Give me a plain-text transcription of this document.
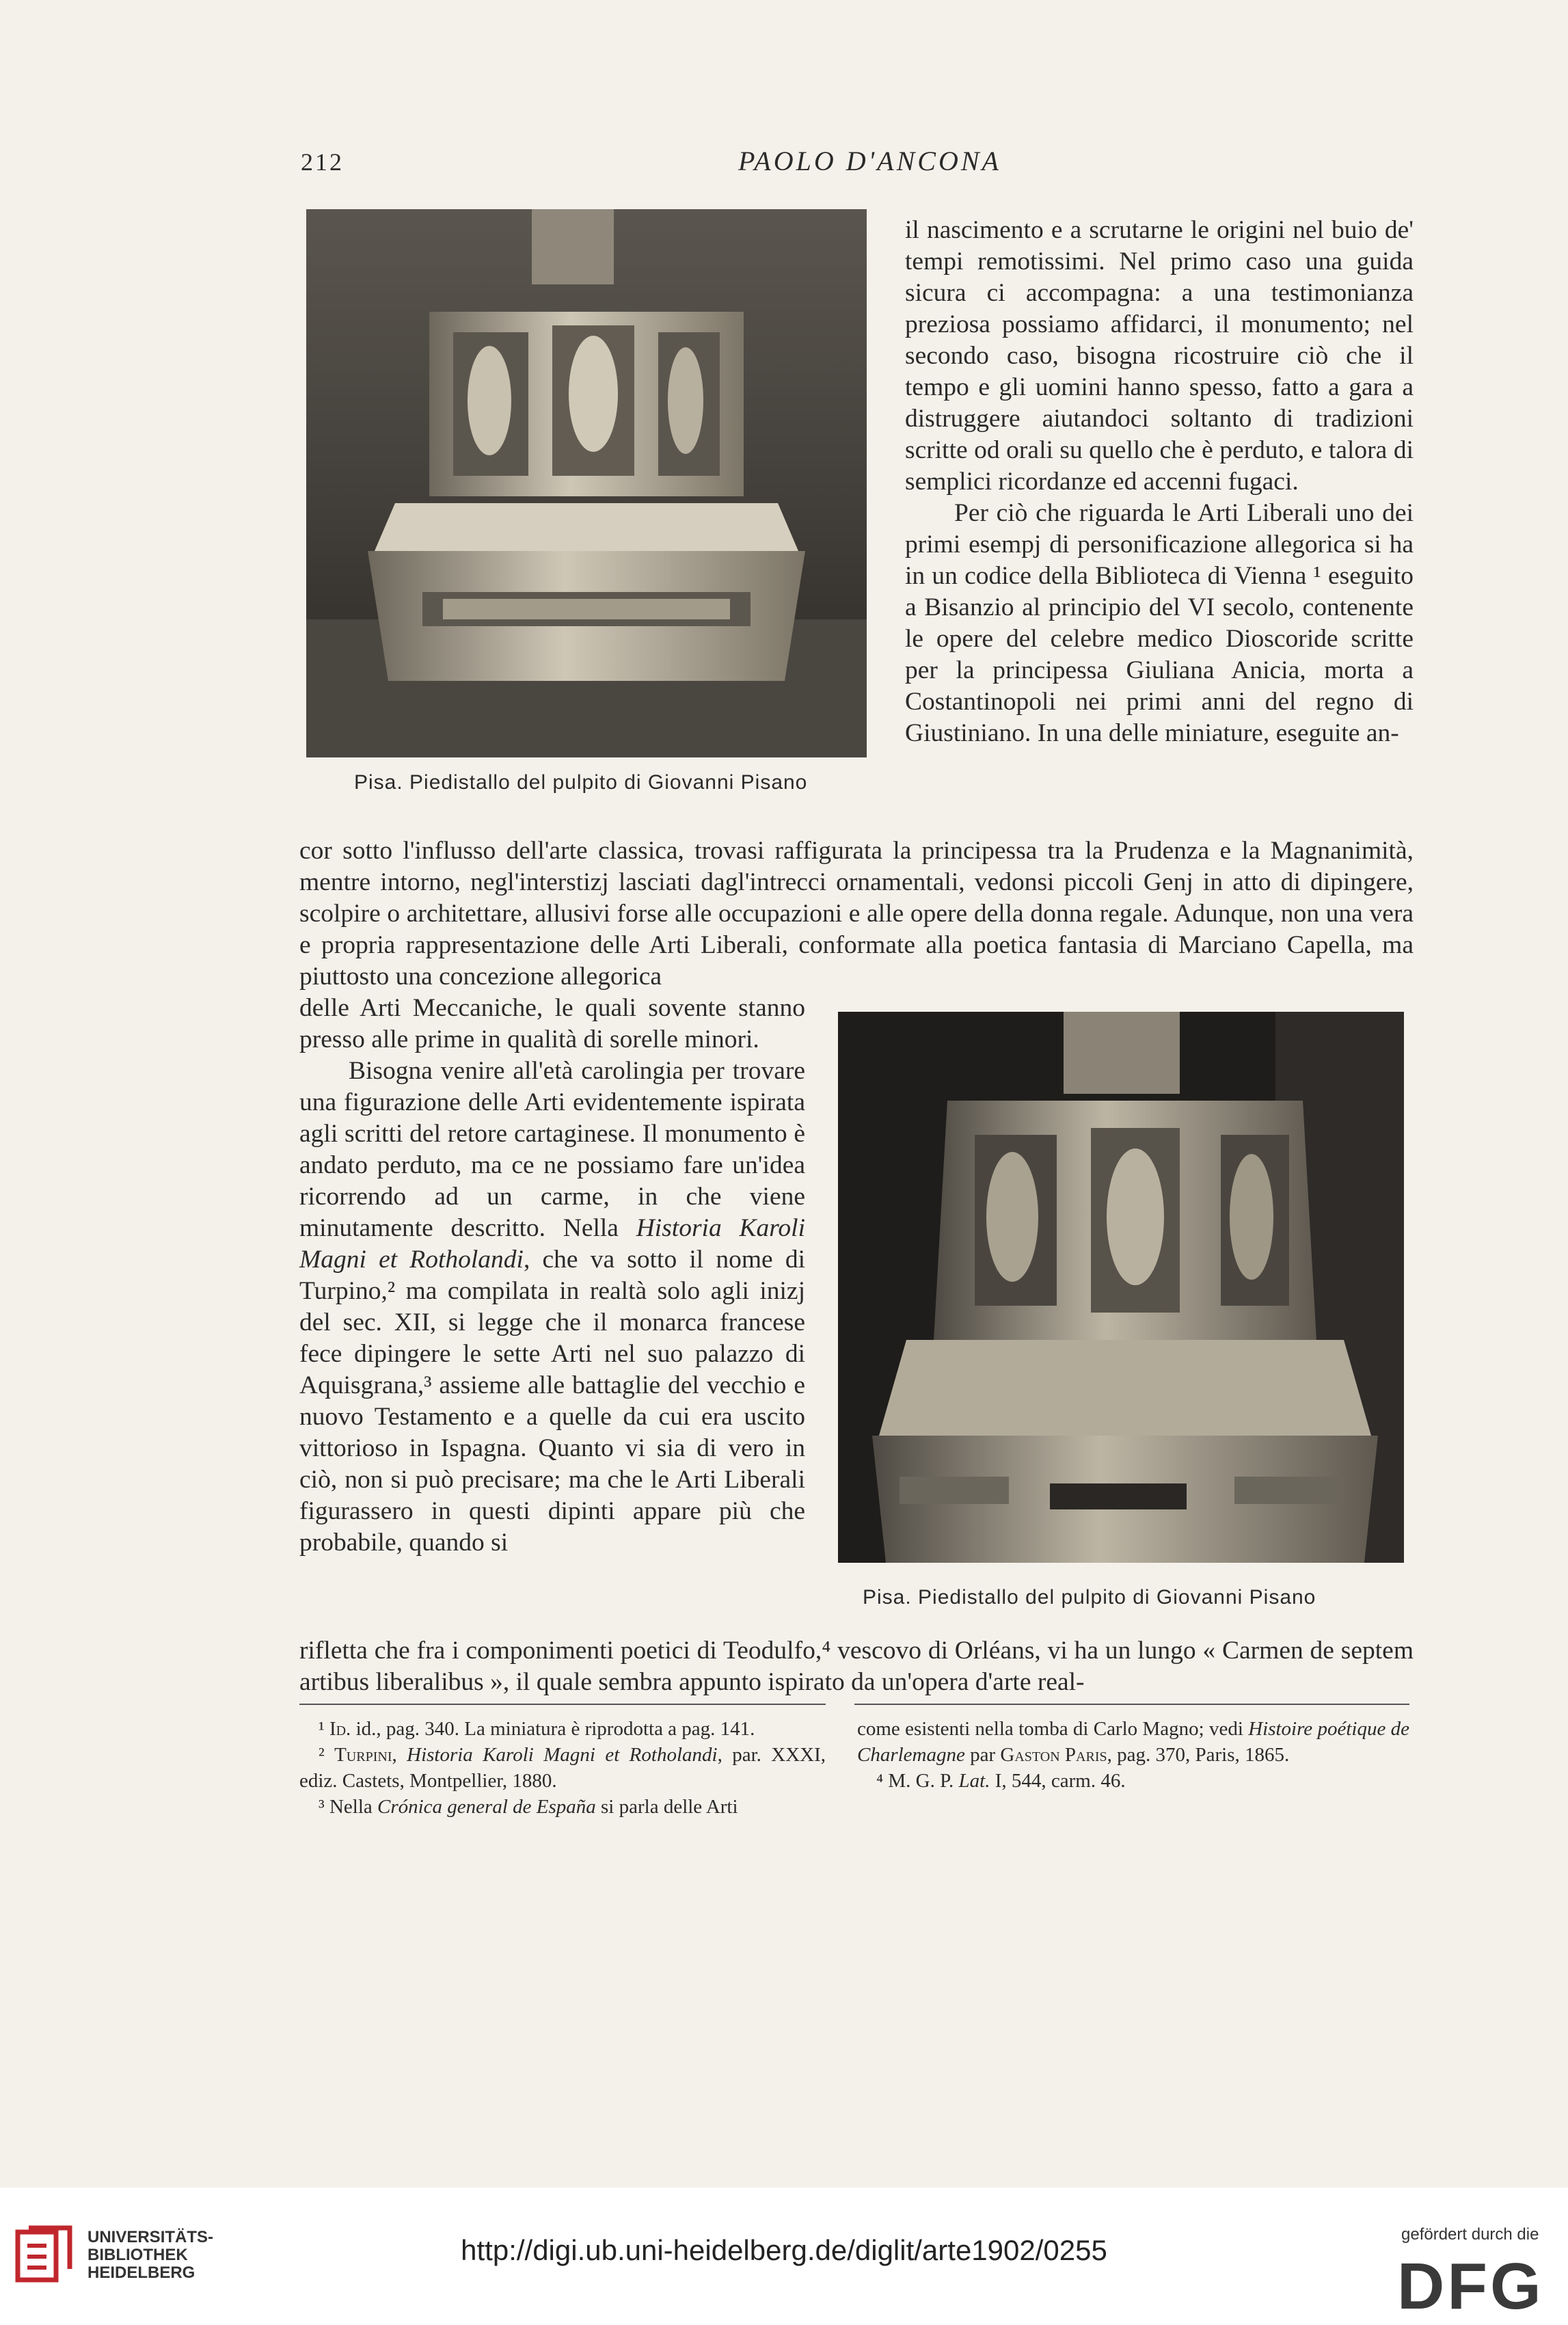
212	PAOLO D'ANCONA
Pisa. Piedistallo del pulpito di Giovanni Pisano

il nascimento e a scrutarne le origini nel buio de' tempi remotissimi. Nel primo caso una guida sicura ci accompagna: a una testimonianza preziosa possiamo affidarci, il monumento; nel secondo caso, bisogna ricostruire ciò che il tempo e gli uomini hanno spesso, fatto a gara a distruggere aiutandoci soltanto di tradizioni scritte od orali su quello che è perduto, e talora di semplici ricordanze ed accenni fugaci.

Per ciò che riguarda le Arti Liberali uno dei primi esempj di personificazione allegorica si ha in un codice della Biblioteca di Vienna ¹ eseguito a Bisanzio al principio del VI secolo, contenente le opere del celebre medico Dioscoride scritte per la principessa Giuliana Anicia, morta a Costantinopoli nei primi anni del regno di Giustiniano. In una delle miniature, eseguite an-

cor sotto l'influsso dell'arte classica, trovasi raffigurata la principessa tra la Prudenza e la Magnanimità, mentre intorno, negl'interstizj lasciati dagl'intrecci ornamentali, vedonsi piccoli Genj in atto di dipingere, scolpire o architettare, allusivi forse alle occupazioni e alle opere della donna regale. Adunque, non una vera e propria rappresentazione delle Arti Liberali, conformate alla poetica fantasia di Marciano Capella, ma piuttosto una concezione allegorica
Pisa. Piedistallo del pulpito di Giovanni Pisano

delle Arti Meccaniche, le quali sovente stanno presso alle prime in qualità di sorelle minori.

Bisogna venire all'età carolingia per trovare una figurazione delle Arti evidentemente ispirata agli scritti del retore cartaginese. Il monumento è andato perduto, ma ce ne possiamo fare un'idea ricorrendo ad un carme, in che viene minutamente descritto. Nella Historia Karoli Magni et Rotholandi, che va sotto il nome di Turpino,² ma compilata in realtà solo agli inizj del sec. XII, si legge che il monarca francese fece dipingere le sette Arti nel suo palazzo di Aquisgrana,³ assieme alle battaglie del vecchio e nuovo Testamento e a quelle da cui era uscito vittorioso in Ispagna. Quanto vi sia di vero in ciò, non si può precisare; ma che le Arti Liberali figurassero in questi dipinti appare più che probabile, quando si

rifletta che fra i componimenti poetici di Teodulfo,⁴ vescovo di Orléans, vi ha un lungo « Carmen de septem artibus liberalibus », il quale sembra appunto ispirato da un'opera d'arte real-

¹ Id. id., pag. 340. La miniatura è riprodotta a pag. 141.

² Turpini, Historia Karoli Magni et Rotholandi, par. XXXI, ediz. Castets, Montpellier, 1880.

³ Nella Crónica general de España si parla delle Arti

come esistenti nella tomba di Carlo Magno; vedi Histoire poétique de Charlemagne par Gaston Paris, pag. 370, Paris, 1865.

⁴ M. G. P. Lat. I, 544, carm. 46.

UNIVERSITÄTS-
BIBLIOTHEK
HEIDELBERG
http://digi.ub.uni-heidelberg.de/diglit/arte1902/0255	gefördert durch die
DFG
